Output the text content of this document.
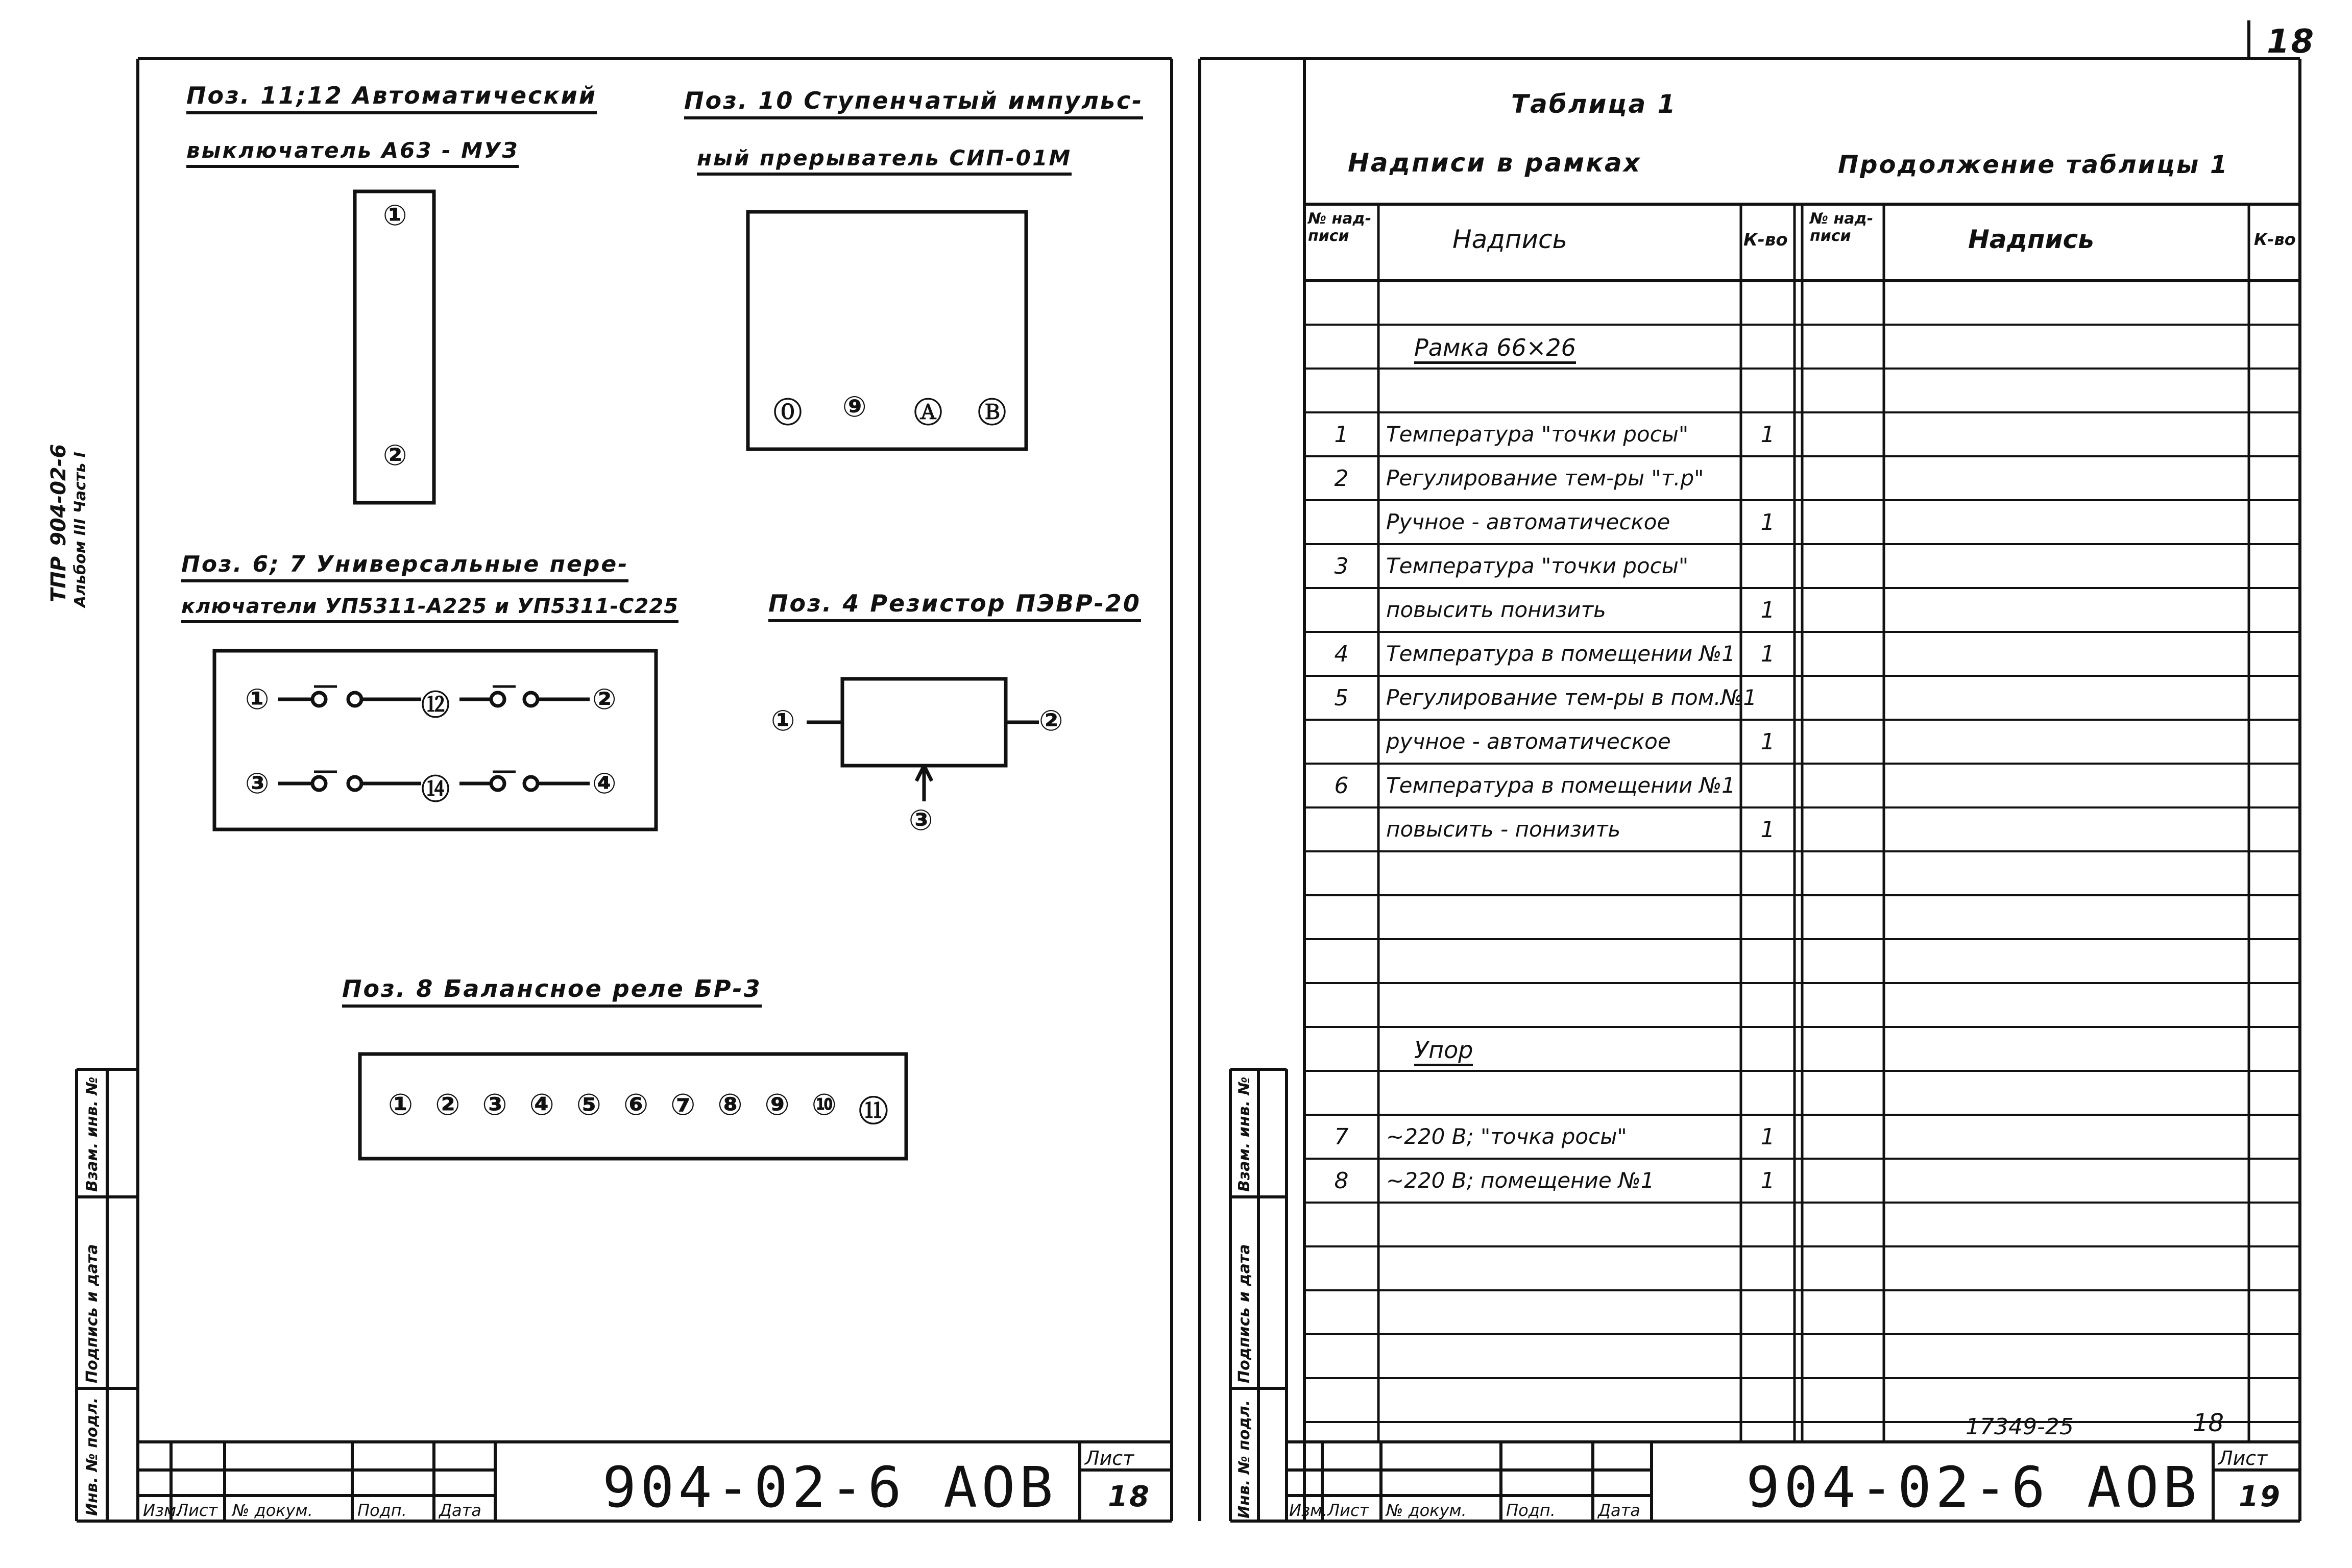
18
ТПР
904-02-6 Альбом III Часть I
Взам. инв. №
Подпись и дата
Инв. № подл.
Поз. 11;12 Автоматический
выключатель А63 - МУЗ
①
②
Поз. 10 Ступенчатый импульс-
ный прерыватель СИП-01М
⓪ ⑨ Ⓐ Ⓑ
Поз. 6; 7 Универсальные пере-
ключатели УП5311-А225 и УП5311-С225
①	⑫	②
③	⑭	④
Поз. 4 Резистор ПЭВР-20
①	②
③
Поз. 8 Балансное реле БР-3
① ② ③ ④ ⑤ ⑥ ⑦ ⑧ ⑨ ⑩ ⑪
Изм.
Лист № докум.	Подп. Дата 904-02-6 АОВ Лист
18
Таблица 1
Надписи в рамках	Продолжение таблицы 1
№ над-писи	Надпись	К-во
№ над-писи	Надпись	К-во
Рамка 66×26
1	Температура "точки росы"	1
2	Регулирование тем-ры "т.р"
Ручное - автоматическое	1
3	Температура "точки росы"
повысить понизить	1
4	Температура в помещении №1	1
5	Регулирование тем-ры в пом.№1
ручное - автоматическое	1
6	Температура в помещении №1
повысить - понизить	1
Упор
7	~220 В; "точка росы"	1
8	~220 В; помещение №1	1
17349-25	18
Взам. инв. №
Подпись и дата
Инв. № подл. Изм. Лист № докум. Подп.	Дата 904-02-6 АОВ Лист
19
